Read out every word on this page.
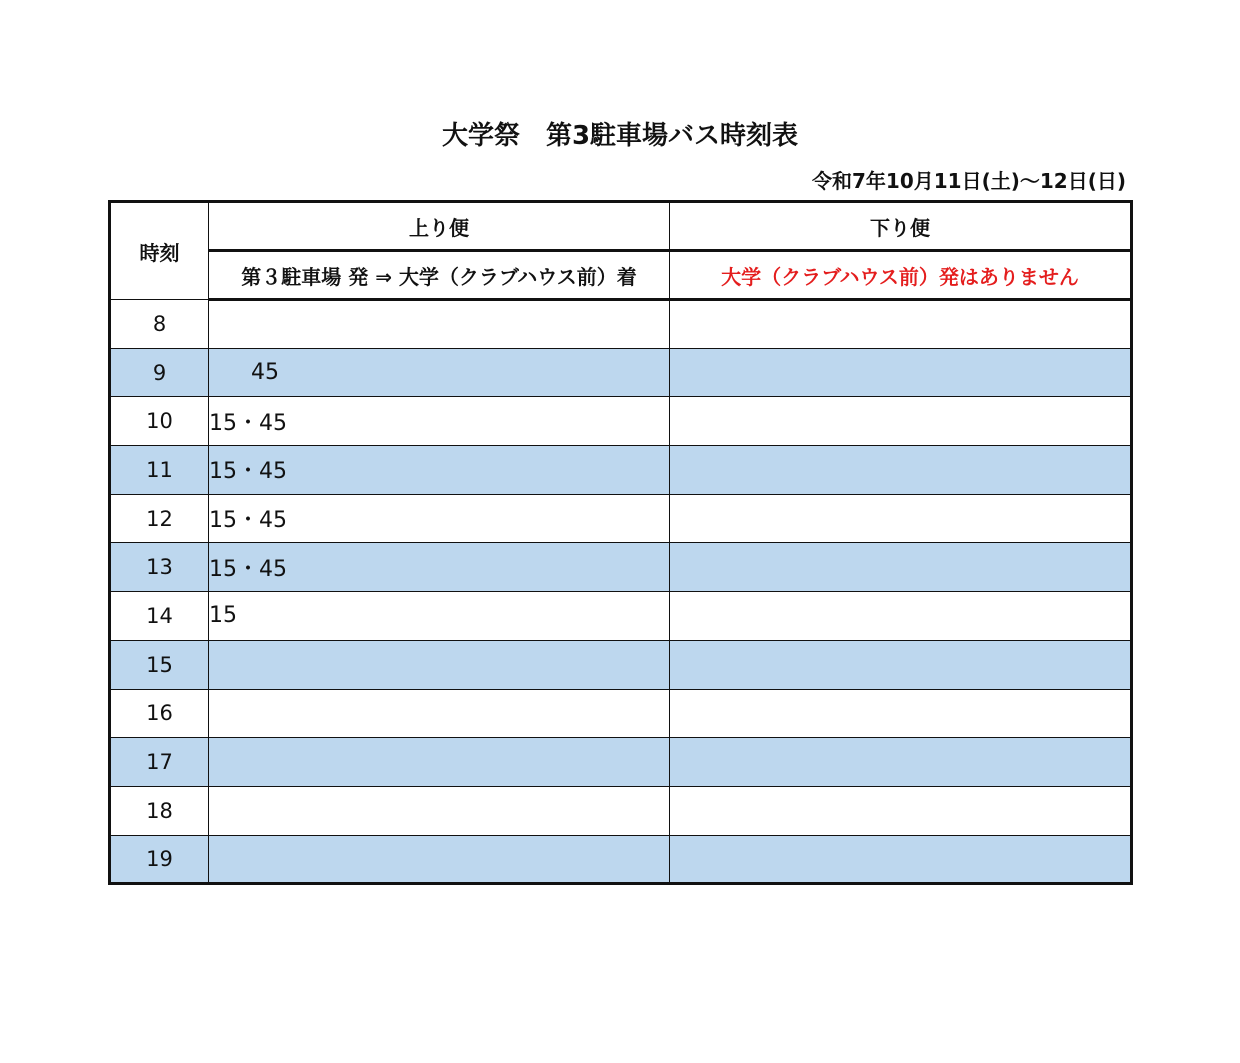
大学祭　第3駐車場バス時刻表
令和7年10月11日(土)〜12日(日)
時刻	上り便	下り便
	第３駐車場 発 ⇒ 大学（クラブハウス前）着	大学（クラブハウス前）発はありません
8		
9	45	
10	15・45	
11	15・45	
12	15・45	
13	15・45	
14	15	
15		
16		
17		
18		
19		
